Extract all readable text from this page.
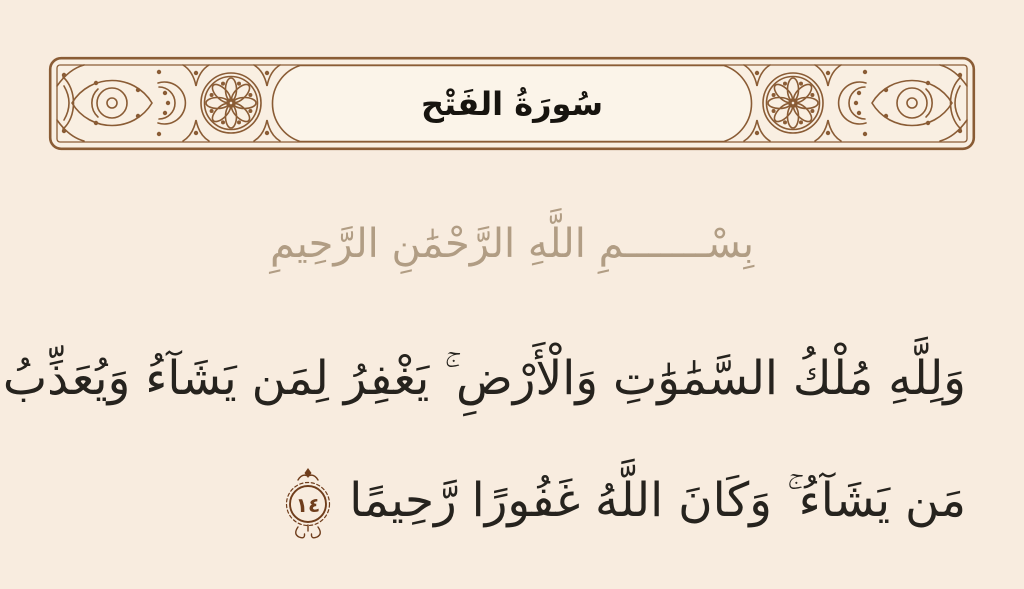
سُورَةُ الفَتْح
بِسْـــــــمِ اللَّهِ الرَّحْمَٰنِ الرَّحِيمِ
وَلِلَّهِ مُلْكُ السَّمَٰوَٰتِ وَالْأَرْضِ ۚ يَغْفِرُ لِمَن يَشَآءُ وَيُعَذِّبُ
مَن يَشَآءُ ۚ وَكَانَ اللَّهُ غَفُورًا رَّحِيمًا
١٤
